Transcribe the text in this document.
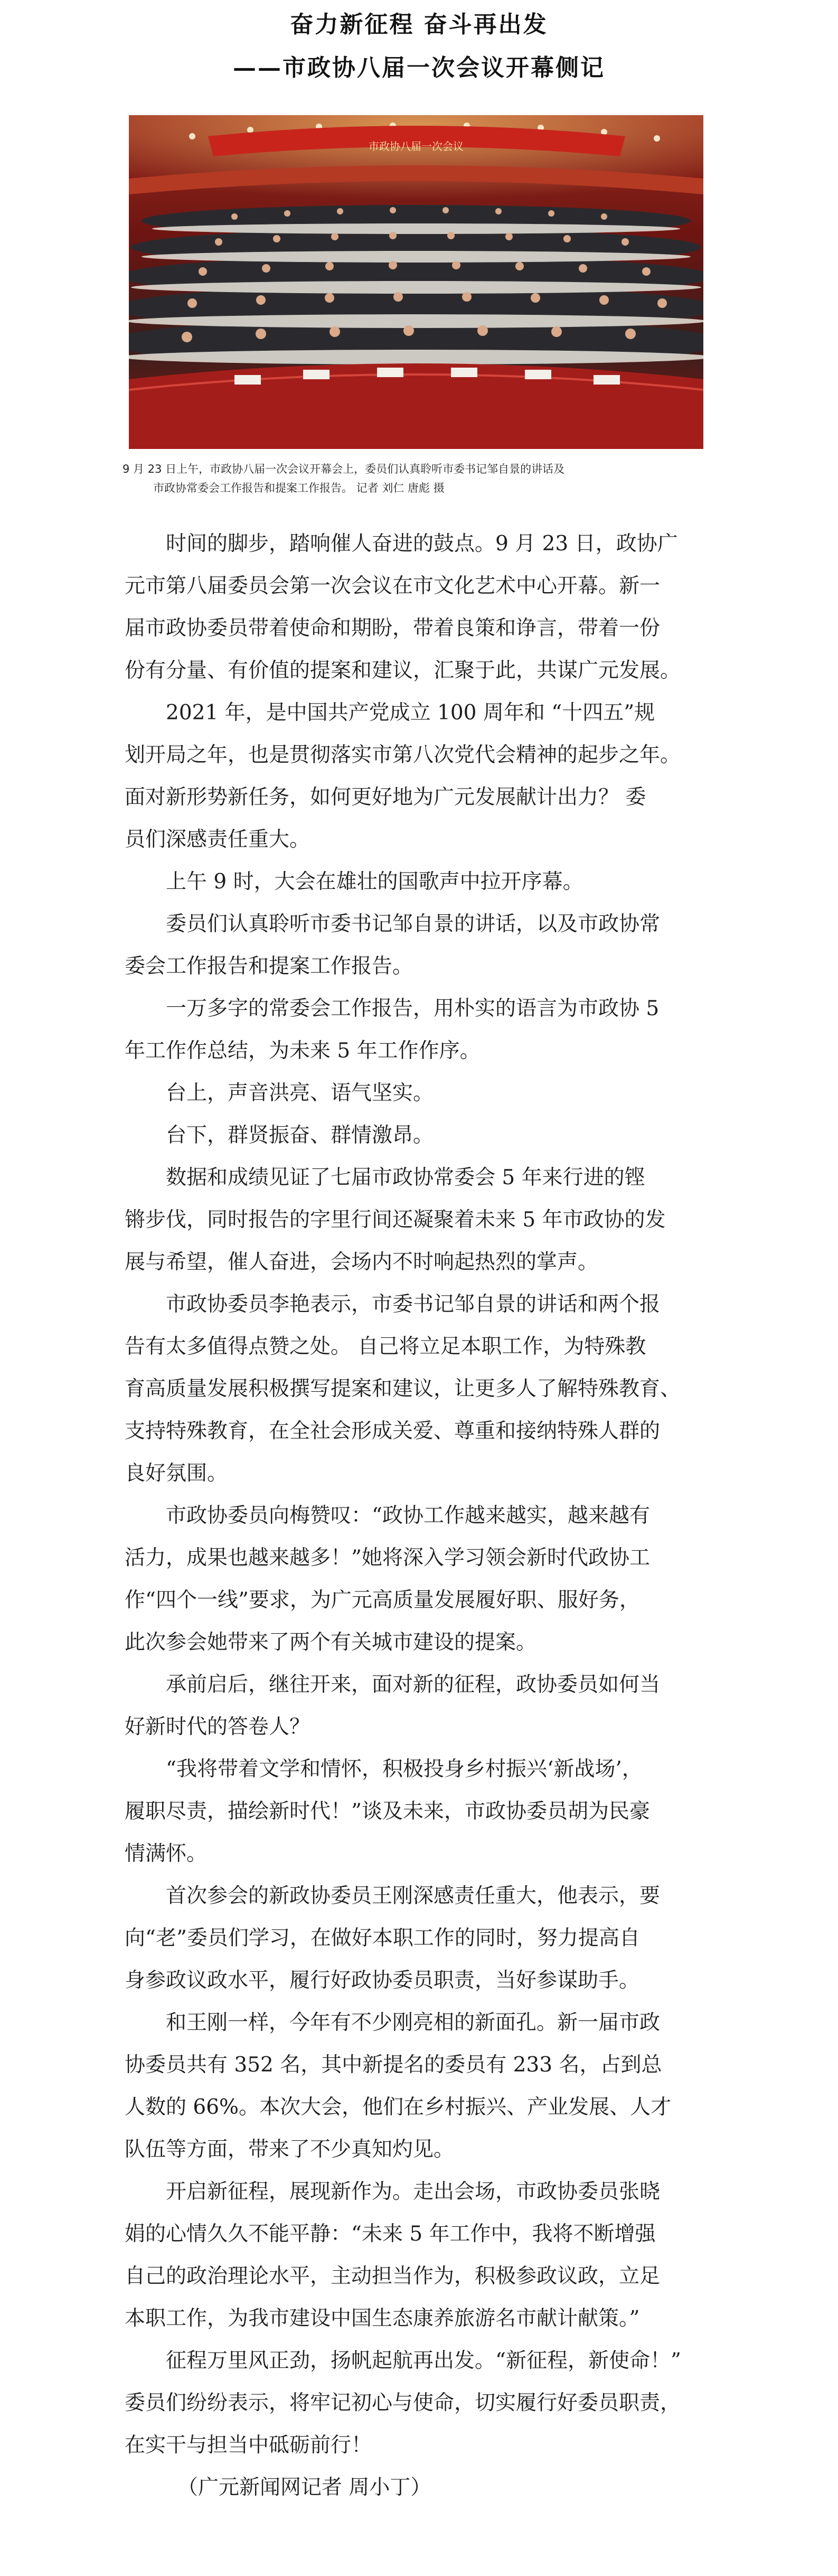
奋力新征程 奋斗再出发
——市政协八届一次会议开幕侧记
市政协八届一次会议
9 月 23 日上午，市政协八届一次会议开幕会上，委员们认真聆听市委书记邹自景的讲话及
市政协常委会工作报告和提案工作报告。 记者 刘仁 唐彪 摄
时间的脚步，踏响催人奋进的鼓点。9 月 23 日，政协广
元市第八届委员会第一次会议在市文化艺术中心开幕。新一
届市政协委员带着使命和期盼，带着良策和诤言，带着一份
份有分量、有价值的提案和建议，汇聚于此，共谋广元发展。
2021 年，是中国共产党成立 100 周年和 “十四五”规
划开局之年，也是贯彻落实市第八次党代会精神的起步之年。
面对新形势新任务，如何更好地为广元发展献计出力？ 委
员们深感责任重大。
上午 9 时，大会在雄壮的国歌声中拉开序幕。
委员们认真聆听市委书记邹自景的讲话，以及市政协常
委会工作报告和提案工作报告。
一万多字的常委会工作报告，用朴实的语言为市政协 5
年工作作总结，为未来 5 年工作作序。
台上，声音洪亮、语气坚实。
台下，群贤振奋、群情激昂。
数据和成绩见证了七届市政协常委会 5 年来行进的铿
锵步伐，同时报告的字里行间还凝聚着未来 5 年市政协的发
展与希望，催人奋进，会场内不时响起热烈的掌声。
市政协委员李艳表示，市委书记邹自景的讲话和两个报
告有太多值得点赞之处。 自己将立足本职工作，为特殊教
育高质量发展积极撰写提案和建议，让更多人了解特殊教育、
支持特殊教育，在全社会形成关爱、尊重和接纳特殊人群的
良好氛围。
市政协委员向梅赞叹：“政协工作越来越实，越来越有
活力，成果也越来越多！”她将深入学习领会新时代政协工
作“四个一线”要求，为广元高质量发展履好职、服好务，
此次参会她带来了两个有关城市建设的提案。
承前启后，继往开来，面对新的征程，政协委员如何当
好新时代的答卷人？
“我将带着文学和情怀，积极投身乡村振兴‘新战场’，
履职尽责，描绘新时代！”谈及未来，市政协委员胡为民豪
情满怀。
首次参会的新政协委员王刚深感责任重大，他表示，要
向“老”委员们学习，在做好本职工作的同时，努力提高自
身参政议政水平，履行好政协委员职责，当好参谋助手。
和王刚一样，今年有不少刚亮相的新面孔。新一届市政
协委员共有 352 名，其中新提名的委员有 233 名，占到总
人数的 66%。本次大会，他们在乡村振兴、产业发展、人才
队伍等方面，带来了不少真知灼见。
开启新征程，展现新作为。走出会场，市政协委员张晓
娟的心情久久不能平静：“未来 5 年工作中，我将不断增强
自己的政治理论水平，主动担当作为，积极参政议政，立足
本职工作，为我市建设中国生态康养旅游名市献计献策。”
征程万里风正劲，扬帆起航再出发。“新征程，新使命！”
委员们纷纷表示，将牢记初心与使命，切实履行好委员职责，
在实干与担当中砥砺前行！
（广元新闻网记者 周小丁）
